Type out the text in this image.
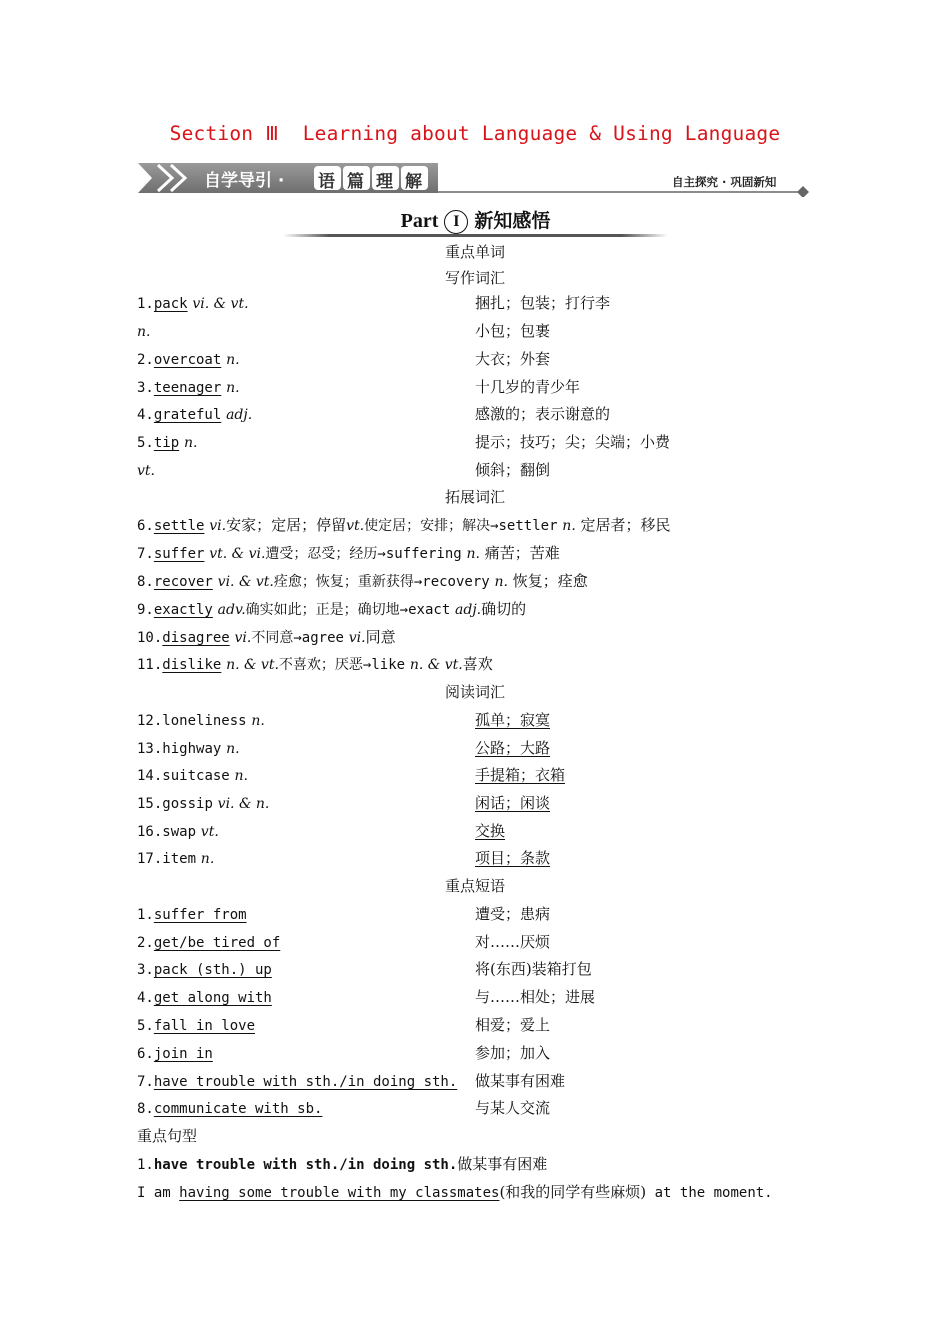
Section Ⅲ  Learning about Language & Using Language
自学导引 · 语 篇 理 解	自主探究 · 巩固新知
Part I 新知感悟
重点单词
写作词汇
1.pack vi. & vt.	捆扎；包装；打行李
n.	小包；包裹
2.overcoat n.	大衣；外套
3.teenager n.	十几岁的青少年
4.grateful adj.	感激的；表示谢意的
5.tip n.	提示；技巧；尖；尖端；小费
vt.	倾斜；翻倒
拓展词汇
6.settle vi.安家；定居；停留vt.使定居；安排；解决→settler n. 定居者；移民
7.suffer vt. & vi.遭受；忍受；经历→suffering n. 痛苦；苦难
8.recover vi. & vt.痊愈；恢复；重新获得→recovery n. 恢复；痊愈
9.exactly adv.确实如此；正是；确切地→exact adj.确切的
10.disagree vi.不同意→agree vi.同意
11.dislike n. & vt.不喜欢；厌恶→like n. & vt.喜欢
阅读词汇
12.loneliness n.	孤单；寂寞
13.highway n.	公路；大路
14.suitcase n.	手提箱；衣箱
15.gossip vi. & n.	闲话；闲谈
16.swap vt.	交换
17.item n.	项目；条款
重点短语
1.suffer from	遭受；患病
2.get/be tired of	对……厌烦
3.pack (sth.) up	将(东西)装箱打包
4.get along with	与……相处；进展
5.fall in love	相爱；爱上
6.join in	参加；加入
7.have trouble with sth./in doing sth. 做某事有困难
8.communicate with sb.	与某人交流
重点句型
1.have trouble with sth./in doing sth.做某事有困难
I am having some trouble with my classmates(和我的同学有些麻烦) at the moment.
